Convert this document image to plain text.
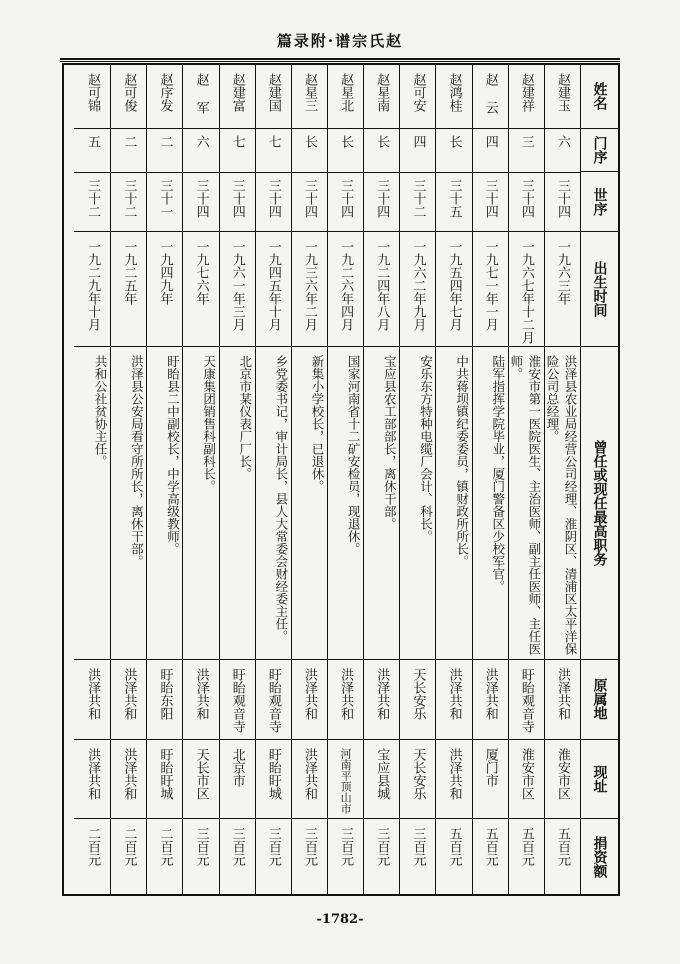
篇录附·谱宗氏赵
姓名
门序
世序
出生时间
曾任或现任最高职务
原属地
现址
捐资额
赵建玉
六
三十四
一九六三年
洪泽县农业局经营公司经理、淮阴区、清浦区太平洋保险公司总经理。
洪泽共和
淮安市区
五百元
赵建祥
三
三十四
一九六七年十二月
淮安市第一医院医生、主治医师、副主任医师、主任医师。
盱眙观音寺
淮安市区
五百元
赵 云
四
三十四
一九七一年一月
陆军指挥学院毕业，厦门警备区少校军官。
洪泽共和
厦门市
五百元
赵鸿桂
长
三十五
一九五四年七月
中共蒋坝镇纪委委员，镇财政所所长。
洪泽共和
洪泽共和
五百元
赵可安
四
三十二
一九六二年九月
安乐东方特种电缆厂会计、科长。
天长安乐
天长安乐
三百元
赵星南
长
三十四
一九二四年八月
宝应县农工部部长，离休干部。
洪泽共和
宝应县城
三百元
赵星北
长
三十四
一九二六年四月
国家河南省十二矿安检员，现退休。
洪泽共和
河南平顶山市
三百元
赵星三
长
三十四
一九三六年二月
新集小学校长，已退休。
洪泽共和
洪泽共和
三百元
赵建国
七
三十四
一九四五年十月
乡党委书记，审计局长，县人大常委会财经委主任。
盱眙观音寺
盱眙盱城
三百元
赵建富
七
三十四
一九六一年三月
北京市某仪表厂厂长。
盱眙观音寺
北京市
三百元
赵 军
六
三十四
一九七六年
天康集团销售科副科长。
洪泽共和
天长市区
三百元
赵序发
二
三十一
一九四九年
盱眙县二中副校长，中学高级教师。
盱眙东阳
盱眙盱城
二百元
赵可俊
二
三十二
一九二五年
洪泽县公安局看守所所长，离休干部。
洪泽共和
洪泽共和
二百元
赵可锦
五
三十二
一九二九年十月
共和公社贫协主任。
洪泽共和
洪泽共和
二百元
-1782-
